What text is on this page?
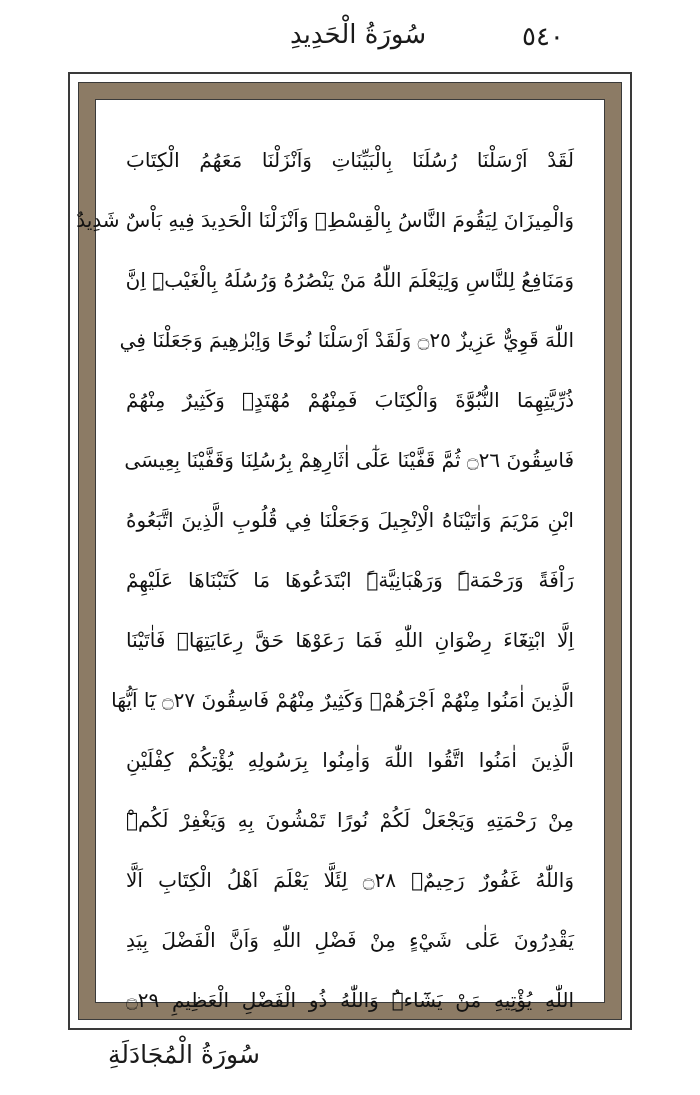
٥٤٠
سُورَةُ الْحَدِيدِ
لَقَدْ اَرْسَلْنَا رُسُلَنَا بِالْبَيِّنَاتِ وَاَنْزَلْنَا مَعَهُمُ الْكِتَابَ
وَالْمِيزَانَ لِيَقُومَ النَّاسُ بِالْقِسْطِۚ وَاَنْزَلْنَا الْحَدِيدَ فِيهِ بَاْسٌ شَدِيدٌ
وَمَنَافِعُ لِلنَّاسِ وَلِيَعْلَمَ اللّٰهُ مَنْ يَنْصُرُهُ وَرُسُلَهُ بِالْغَيْبِۜ اِنَّ
اللّٰهَ قَوِيٌّ عَزِيزٌ ۝٢٥ وَلَقَدْ اَرْسَلْنَا نُوحًا وَاِبْرٰهِيمَ وَجَعَلْنَا فِي
ذُرِّيَّتِهِمَا النُّبُوَّةَ وَالْكِتَابَ فَمِنْهُمْ مُهْتَدٍۚ وَكَثِيرٌ مِنْهُمْ
فَاسِقُونَ ۝٢٦ ثُمَّ قَفَّيْنَا عَلٰٓى اٰثَارِهِمْ بِرُسُلِنَا وَقَفَّيْنَا بِعِيسَى
ابْنِ مَرْيَمَ وَاٰتَيْنَاهُ الْاِنْجِيلَ وَجَعَلْنَا فِي قُلُوبِ الَّذِينَ اتَّبَعُوهُ
رَاْفَةً وَرَحْمَةًۜ وَرَهْبَانِيَّةًۨ ابْتَدَعُوهَا مَا كَتَبْنَاهَا عَلَيْهِمْ
اِلَّا ابْتِغَٓاءَ رِضْوَانِ اللّٰهِ فَمَا رَعَوْهَا حَقَّ رِعَايَتِهَاۚ فَاٰتَيْنَا
الَّذِينَ اٰمَنُوا مِنْهُمْ اَجْرَهُمْۚ وَكَثِيرٌ مِنْهُمْ فَاسِقُونَ ۝٢٧ يَٓا اَيُّهَا
الَّذِينَ اٰمَنُوا اتَّقُوا اللّٰهَ وَاٰمِنُوا بِرَسُولِهِ يُؤْتِكُمْ كِفْلَيْنِ
مِنْ رَحْمَتِهِ وَيَجْعَلْ لَكُمْ نُورًا تَمْشُونَ بِهِ وَيَغْفِرْ لَكُمْۜ
وَاللّٰهُ غَفُورٌ رَحِيمٌۙ ۝٢٨ لِئَلَّا يَعْلَمَ اَهْلُ الْكِتَابِ اَلَّا
يَقْدِرُونَ عَلٰى شَيْءٍ مِنْ فَضْلِ اللّٰهِ وَاَنَّ الْفَضْلَ بِيَدِ
اللّٰهِ يُؤْتِيهِ مَنْ يَشَٓاءُۜ وَاللّٰهُ ذُو الْفَضْلِ الْعَظِيمِ ۝٢٩
سُورَةُ الْمُجَادَلَةِ
